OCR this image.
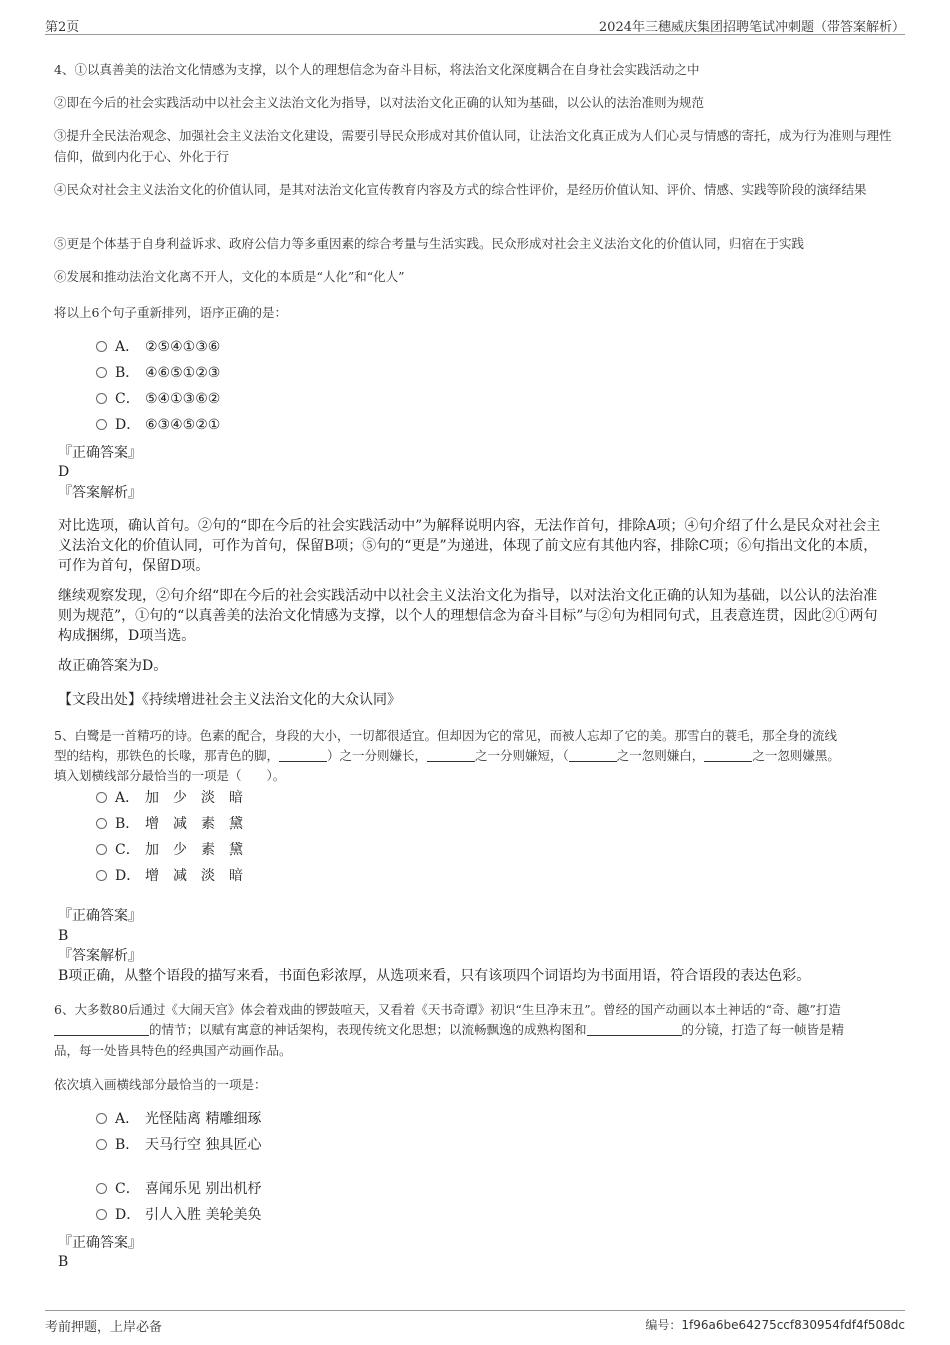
第2页	2024年三穗威庆集团招聘笔试冲刺题（带答案解析）
4、①以真善美的法治文化情感为支撑，以个人的理想信念为奋斗目标，将法治文化深度耦合在自身社会实践活动之中
②即在今后的社会实践活动中以社会主义法治文化为指导，以对法治文化正确的认知为基础，以公认的法治准则为规范
③提升全民法治观念、加强社会主义法治文化建设，需要引导民众形成对其价值认同，让法治文化真正成为人们心灵与情感的寄托，成为行为准则与理性信仰，做到内化于心、外化于行
④民众对社会主义法治文化的价值认同，是其对法治文化宣传教育内容及方式的综合性评价，是经历价值认知、评价、情感、实践等阶段的演绎结果
⑤更是个体基于自身利益诉求、政府公信力等多重因素的综合考量与生活实践。民众形成对社会主义法治文化的价值认同，归宿在于实践
⑥发展和推动法治文化离不开人，文化的本质是“人化”和“化人”
将以上6个句子重新排列，语序正确的是：
A． ②⑤④①③⑥
B． ④⑥⑤①②③
C． ⑤④①③⑥②
D． ⑥③④⑤②①
『正确答案』
D
『答案解析』
对比选项，确认首句。②句的“即在今后的社会实践活动中”为解释说明内容，无法作首句，排除A项；④句介绍了什么是民众对社会主义法治文化的价值认同，可作为首句，保留B项；⑤句的“更是”为递进，体现了前文应有其他内容，排除C项；⑥句指出文化的本质，可作为首句，保留D项。
继续观察发现，②句介绍“即在今后的社会实践活动中以社会主义法治文化为指导，以对法治文化正确的认知为基础，以公认的法治准则为规范”，①句的“以真善美的法治文化情感为支撑，以个人的理想信念为奋斗目标”与②句为相同句式，且表意连贯，因此②①两句构成捆绑，D项当选。
故正确答案为D。
【文段出处】《持续增进社会主义法治文化的大众认同》
5、白鹭是一首精巧的诗。色素的配合，身段的大小，一切都很适宜。但却因为它的常见，而被人忘却了它的美。那雪白的蓑毛，那全身的流线
型的结构，那铁色的长喙，那青色的脚，	）之一分则嫌长，	之一分则嫌短，（	之一忽则嫌白，	之一忽则嫌黑。
填入划横线部分最恰当的一项是（　　）。
A． 加　少　淡　暗
B． 增　减　素　黛
C． 加　少　素　黛
D． 增　减　淡　暗
『正确答案』
B
『答案解析』
B项正确，从整个语段的描写来看，书面色彩浓厚，从选项来看，只有该项四个词语均为书面用语，符合语段的表达色彩。
6、大多数80后通过《大闹天宫》体会着戏曲的锣鼓喧天，又看着《天书奇谭》初识“生旦净末丑”。曾经的国产动画以本土神话的“奇、趣”打造
的情节；以赋有寓意的神话架构，表现传统文化思想；以流畅飘逸的成熟构图和	的分镜，打造了每一帧皆是精
品，每一处皆具特色的经典国产动画作品。
依次填入画横线部分最恰当的一项是：
A． 光怪陆离 精雕细琢
B． 天马行空 独具匠心
C． 喜闻乐见 别出机杼
D． 引人入胜 美轮美奂
『正确答案』
B
考前押题，上岸必备	编号：1f96a6be64275ccf830954fdf4f508dc
